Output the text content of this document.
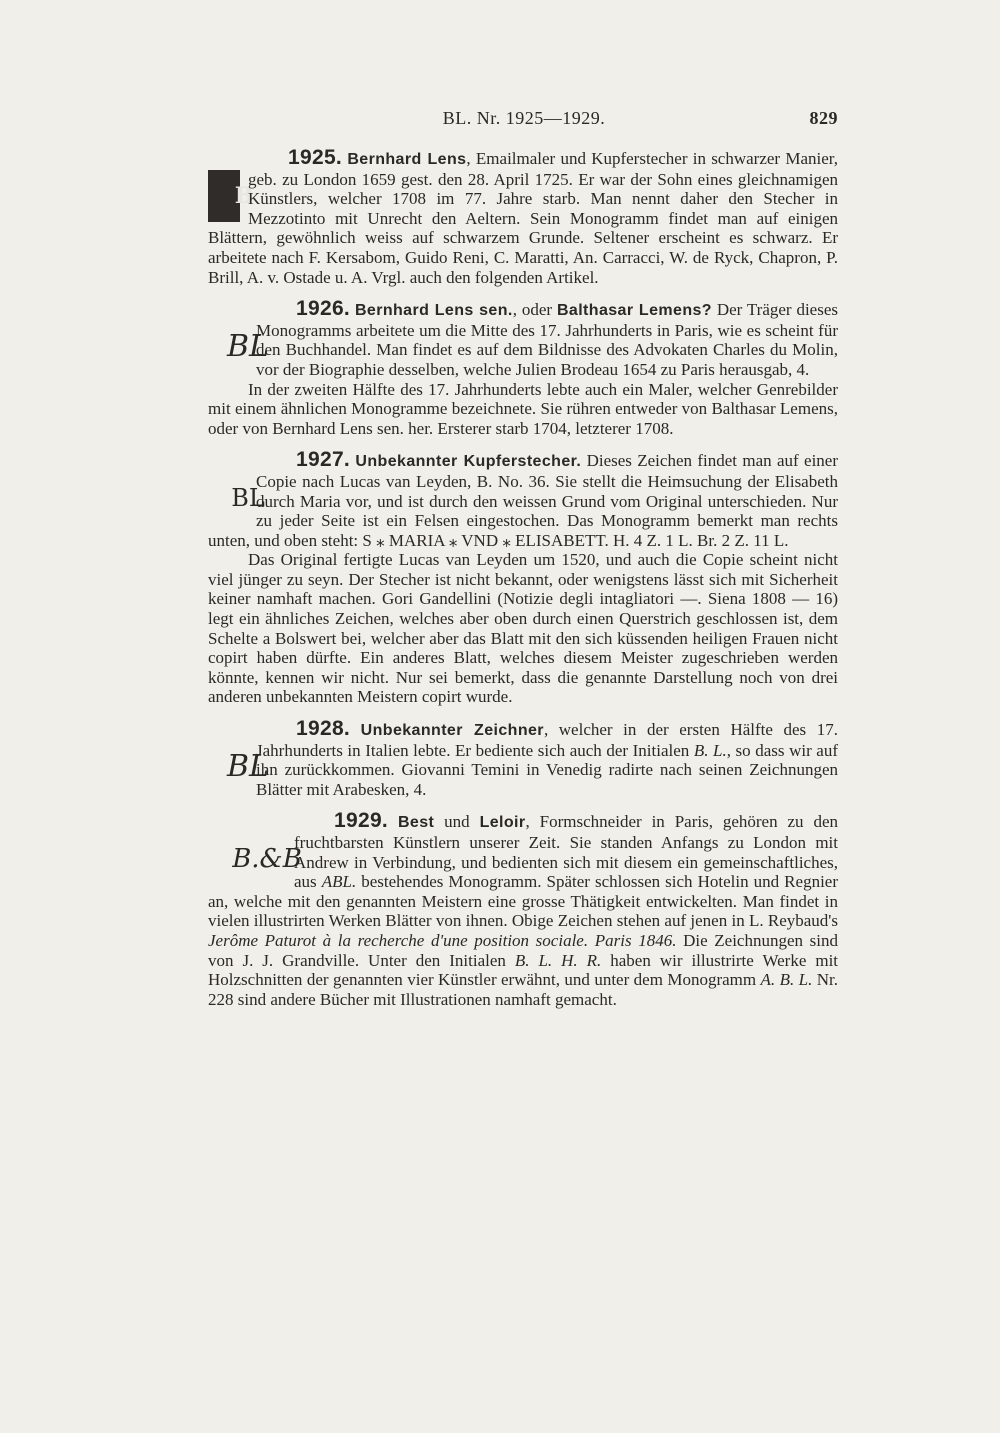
BL. Nr. 1925—1929.	829

B
1925. Bernhard Lens, Emailmaler und Kupferstecher in schwarzer Manier, geb. zu London 1659 gest. den 28. April 1725. Er war der Sohn eines gleichnamigen Künstlers, welcher 1708 im 77. Jahre starb. Man nennt daher den Stecher in Mezzotinto mit Unrecht den Aeltern. Sein Monogramm findet man auf einigen Blättern, gewöhnlich weiss auf schwarzem Grunde. Seltener erscheint es schwarz. Er arbeitete nach F. Kersabom, Guido Reni, C. Maratti, An. Carracci, W. de Ryck, Chapron, P. Brill, A. v. Ostade u. A. Vrgl. auch den folgenden Artikel.

BL
1926. Bernhard Lens sen., oder Balthasar Lemens? Der Träger dieses Monogramms arbeitete um die Mitte des 17. Jahrhunderts in Paris, wie es scheint für den Buchhandel. Man findet es auf dem Bildnisse des Advokaten Charles du Molin, vor der Biographie desselben, welche Julien Brodeau 1654 zu Paris herausgab, 4.

In der zweiten Hälfte des 17. Jahrhunderts lebte auch ein Maler, welcher Genrebilder mit einem ähnlichen Monogramme bezeichnete. Sie rühren entweder von Balthasar Lemens, oder von Bernhard Lens sen. her. Ersterer starb 1704, letzterer 1708.

BL
1927. Unbekannter Kupferstecher. Dieses Zeichen findet man auf einer Copie nach Lucas van Leyden, B. No. 36. Sie stellt die Heimsuchung der Elisabeth durch Maria vor, und ist durch den weissen Grund vom Original unterschieden. Nur zu jeder Seite ist ein Felsen eingestochen. Das Monogramm bemerkt man rechts unten, und oben steht: S ⁎ MARIA ⁎ VND ⁎ ELISABETT. H. 4 Z. 1 L. Br. 2 Z. 11 L.

Das Original fertigte Lucas van Leyden um 1520, und auch die Copie scheint nicht viel jünger zu seyn. Der Stecher ist nicht bekannt, oder wenigstens lässt sich mit Sicherheit keiner namhaft machen. Gori Gandellini (Notizie degli intagliatori —. Siena 1808 — 16) legt ein ähnliches Zeichen, welches aber oben durch einen Querstrich geschlossen ist, dem Schelte a Bolswert bei, welcher aber das Blatt mit den sich küssenden heiligen Frauen nicht copirt haben dürfte. Ein anderes Blatt, welches diesem Meister zugeschrieben werden könnte, kennen wir nicht. Nur sei bemerkt, dass die genannte Darstellung noch von drei anderen unbekannten Meistern copirt wurde.

BL
1928. Unbekannter Zeichner, welcher in der ersten Hälfte des 17. Jahrhunderts in Italien lebte. Er bediente sich auch der Initialen B. L., so dass wir auf ihn zurückkommen. Giovanni Temini in Venedig radirte nach seinen Zeichnungen Blätter mit Arabesken, 4.

B.&B
1929. Best und Leloir, Formschneider in Paris, gehören zu den fruchtbarsten Künstlern unserer Zeit. Sie standen Anfangs zu London mit Andrew in Verbindung, und bedienten sich mit diesem ein gemeinschaftliches, aus ABL. bestehendes Monogramm. Später schlossen sich Hotelin und Regnier an, welche mit den genannten Meistern eine grosse Thätigkeit entwickelten. Man findet in vielen illustrirten Werken Blätter von ihnen. Obige Zeichen stehen auf jenen in L. Reybaud's Jerôme Paturot à la recherche d'une position sociale. Paris 1846. Die Zeichnungen sind von J. J. Grandville. Unter den Initialen B. L. H. R. haben wir illustrirte Werke mit Holzschnitten der genannten vier Künstler erwähnt, und unter dem Monogramm A. B. L. Nr. 228 sind andere Bücher mit Illustrationen namhaft gemacht.
